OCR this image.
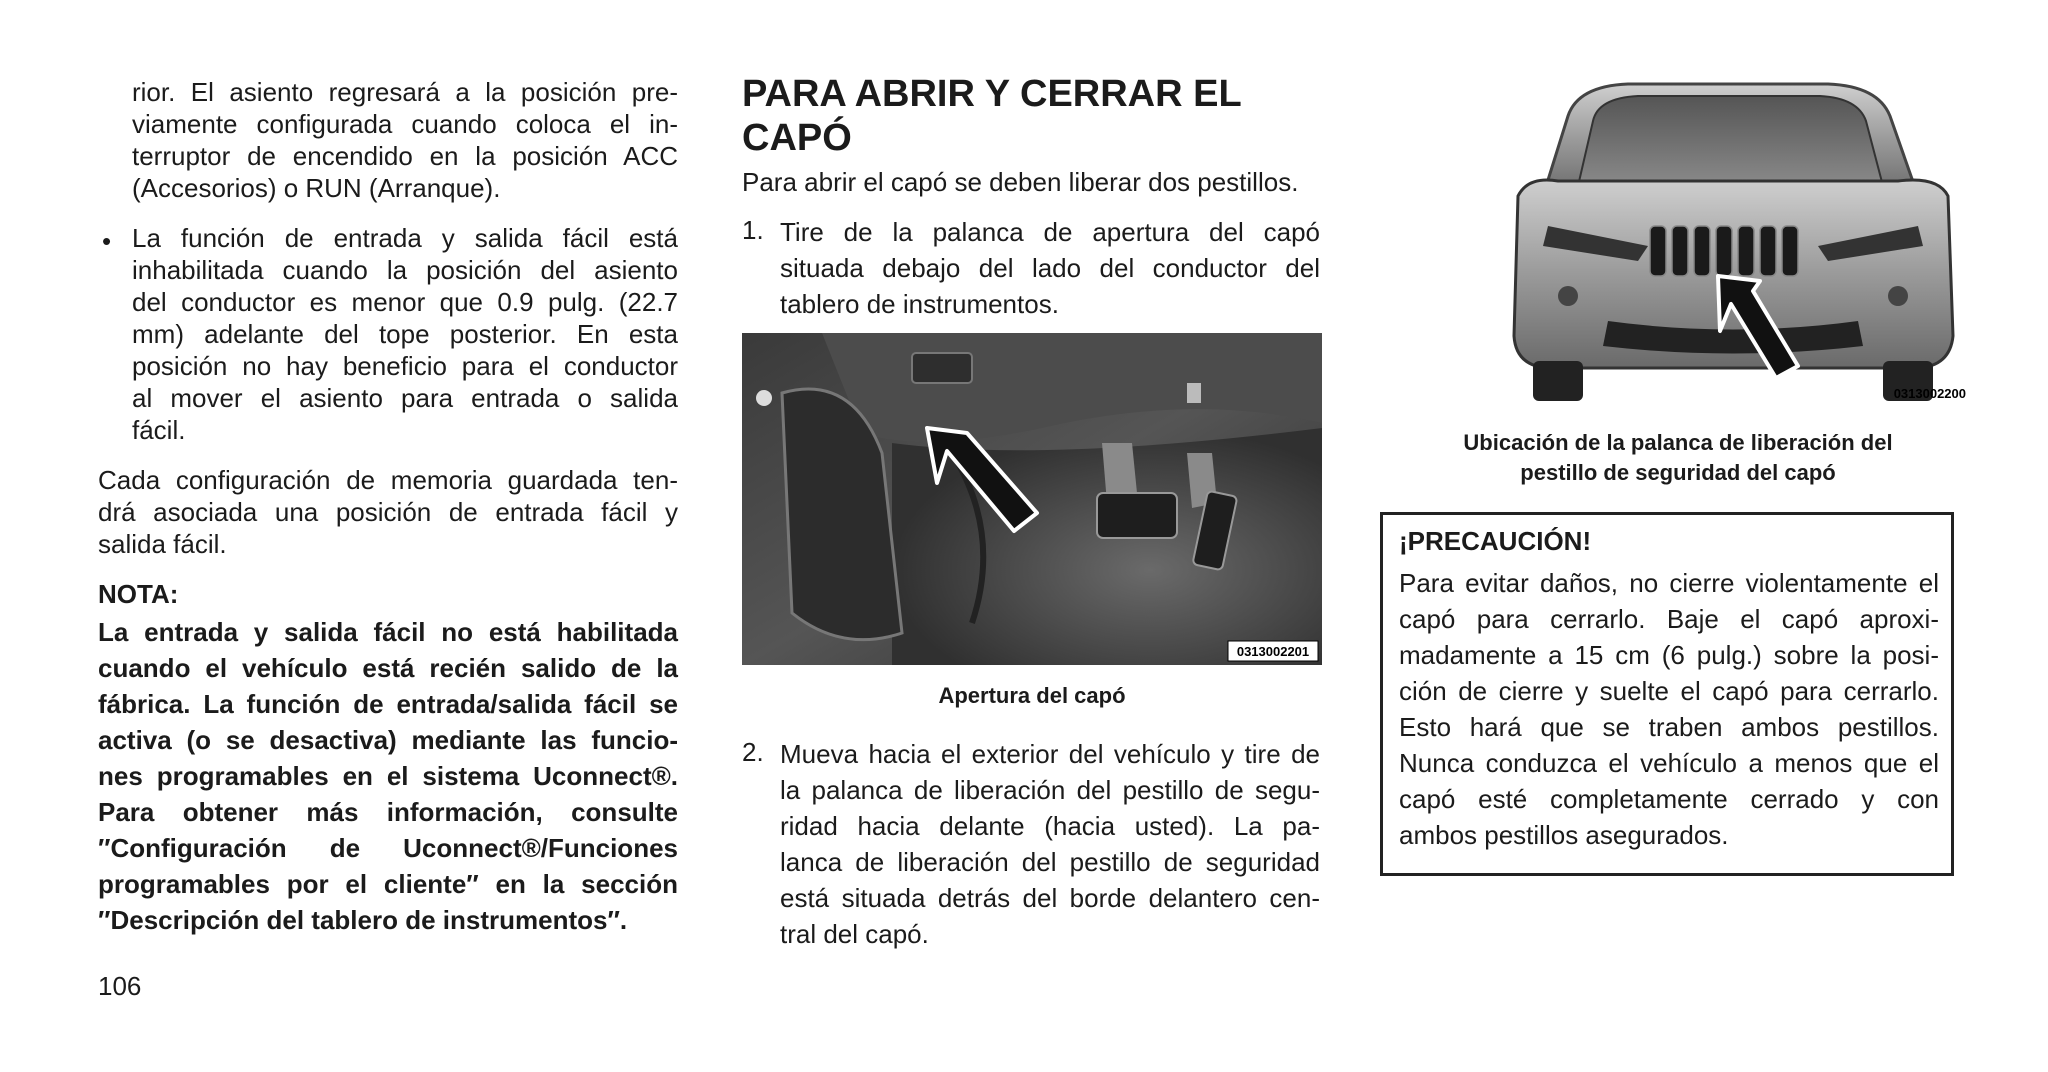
rior. El asiento regresará a la posición pre-
viamente configurada cuando coloca el in-
terruptor de encendido en la posición ACC
(Accesorios) o RUN (Arranque).
• La función de entrada y salida fácil está
inhabilitada cuando la posición del asiento
del conductor es menor que 0.9 pulg. (22.7
mm) adelante del tope posterior. En esta
posición no hay beneficio para el conductor
al mover el asiento para entrada o salida
fácil.
Cada configuración de memoria guardada ten-
drá asociada una posición de entrada fácil y
salida fácil.
NOTA:
La entrada y salida fácil no está habilitada
cuando el vehículo está recién salido de la
fábrica. La función de entrada/salida fácil se
activa (o se desactiva) mediante las funcio-
nes programables en el sistema Uconnect®.
Para obtener más información, consulte
″Configuración de Uconnect®/Funciones
programables por el cliente″ en la sección
″Descripción del tablero de instrumentos″.
106
PARA ABRIR Y CERRAR EL
CAPÓ
Para abrir el capó se deben liberar dos pestillos.
1. Tire de la palanca de apertura del capó
situada debajo del lado del conductor del
tablero de instrumentos.
0313002201
Apertura del capó
2. Mueva hacia el exterior del vehículo y tire de
la palanca de liberación del pestillo de segu-
ridad hacia delante (hacia usted). La pa-
lanca de liberación del pestillo de seguridad
está situada detrás del borde delantero cen-
tral del capó.
0313002200
Ubicación de la palanca de liberación del
pestillo de seguridad del capó
¡PRECAUCIÓN!
Para evitar daños, no cierre violentamente el
capó para cerrarlo. Baje el capó aproxi-
madamente a 15 cm (6 pulg.) sobre la posi-
ción de cierre y suelte el capó para cerrarlo.
Esto hará que se traben ambos pestillos.
Nunca conduzca el vehículo a menos que el
capó esté completamente cerrado y con
ambos pestillos asegurados.
